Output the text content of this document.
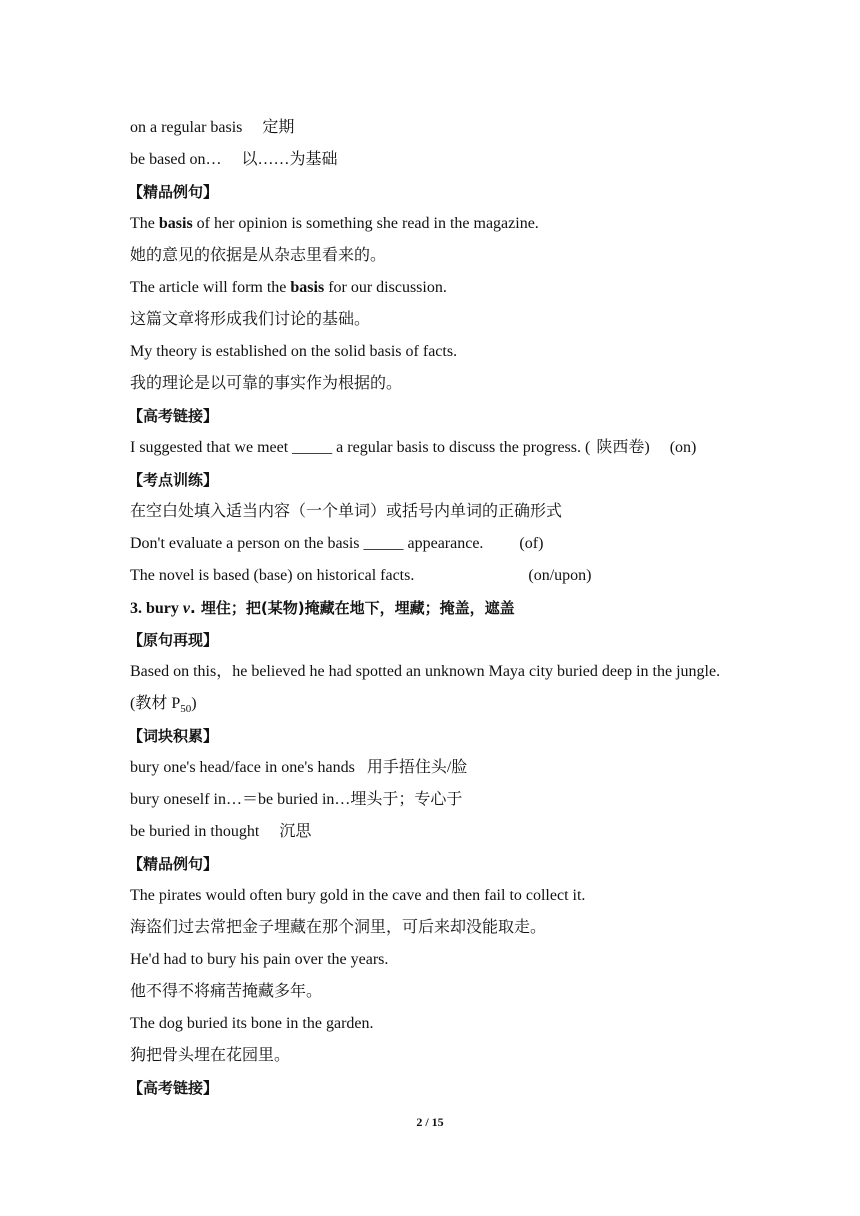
on a regular basis 定期
be based on… 以……为基础
【精品例句】
The basis of her opinion is something she read in the magazine.
她的意见的依据是从杂志里看来的。
The article will form the basis for our discussion.
这篇文章将形成我们讨论的基础。
My theory is established on the solid basis of facts.
我的理论是以可靠的事实作为根据的。
【高考链接】
I suggested that we meet _____ a regular basis to discuss the progress. ( 陕西卷) (on)
【考点训练】
在空白处填入适当内容（一个单词）或括号内单词的正确形式
Don't evaluate a person on the basis _____ appearance. (of)
The novel is based (base) on historical facts.	(on/upon)
3. bury v. 埋住；把(某物)掩藏在地下，埋藏；掩盖，遮盖
【原句再现】
Based on this，he believed he had spotted an unknown Maya city buried deep in the jungle.
(教材 $P_{50}$)
【词块积累】
bury one's head/face in one's hands 用手捂住头/脸
bury oneself in…＝be buried in…埋头于；专心于
be buried in thought 沉思
【精品例句】
The pirates would often bury gold in the cave and then fail to collect it.
海盗们过去常把金子埋藏在那个洞里，可后来却没能取走。
He'd had to bury his pain over the years.
他不得不将痛苦掩藏多年。
The dog buried its bone in the garden.
狗把骨头埋在花园里。
【高考链接】
2 / 15
